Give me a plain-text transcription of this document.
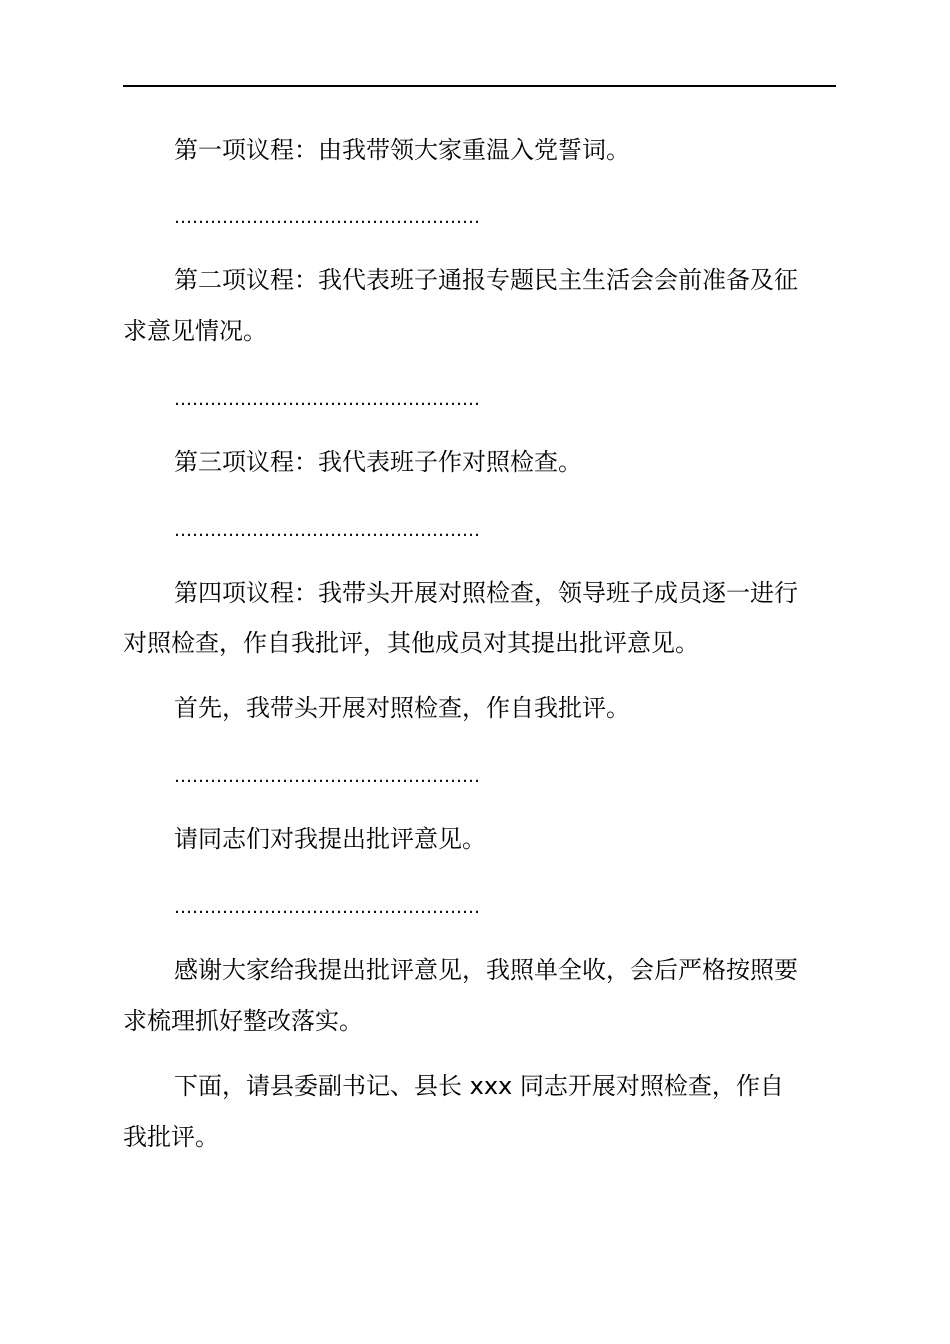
第一项议程：由我带领大家重温入党誓词。

……………………………………………

第二项议程：我代表班子通报专题民主生活会会前准备及征

求意见情况。

……………………………………………

第三项议程：我代表班子作对照检查。

……………………………………………

第四项议程：我带头开展对照检查，领导班子成员逐一进行

对照检查，作自我批评，其他成员对其提出批评意见。

首先，我带头开展对照检查，作自我批评。

……………………………………………

请同志们对我提出批评意见。

……………………………………………

感谢大家给我提出批评意见，我照单全收，会后严格按照要

求梳理抓好整改落实。

下面，请县委副书记、县长 xxx 同志开展对照检查，作自

我批评。
